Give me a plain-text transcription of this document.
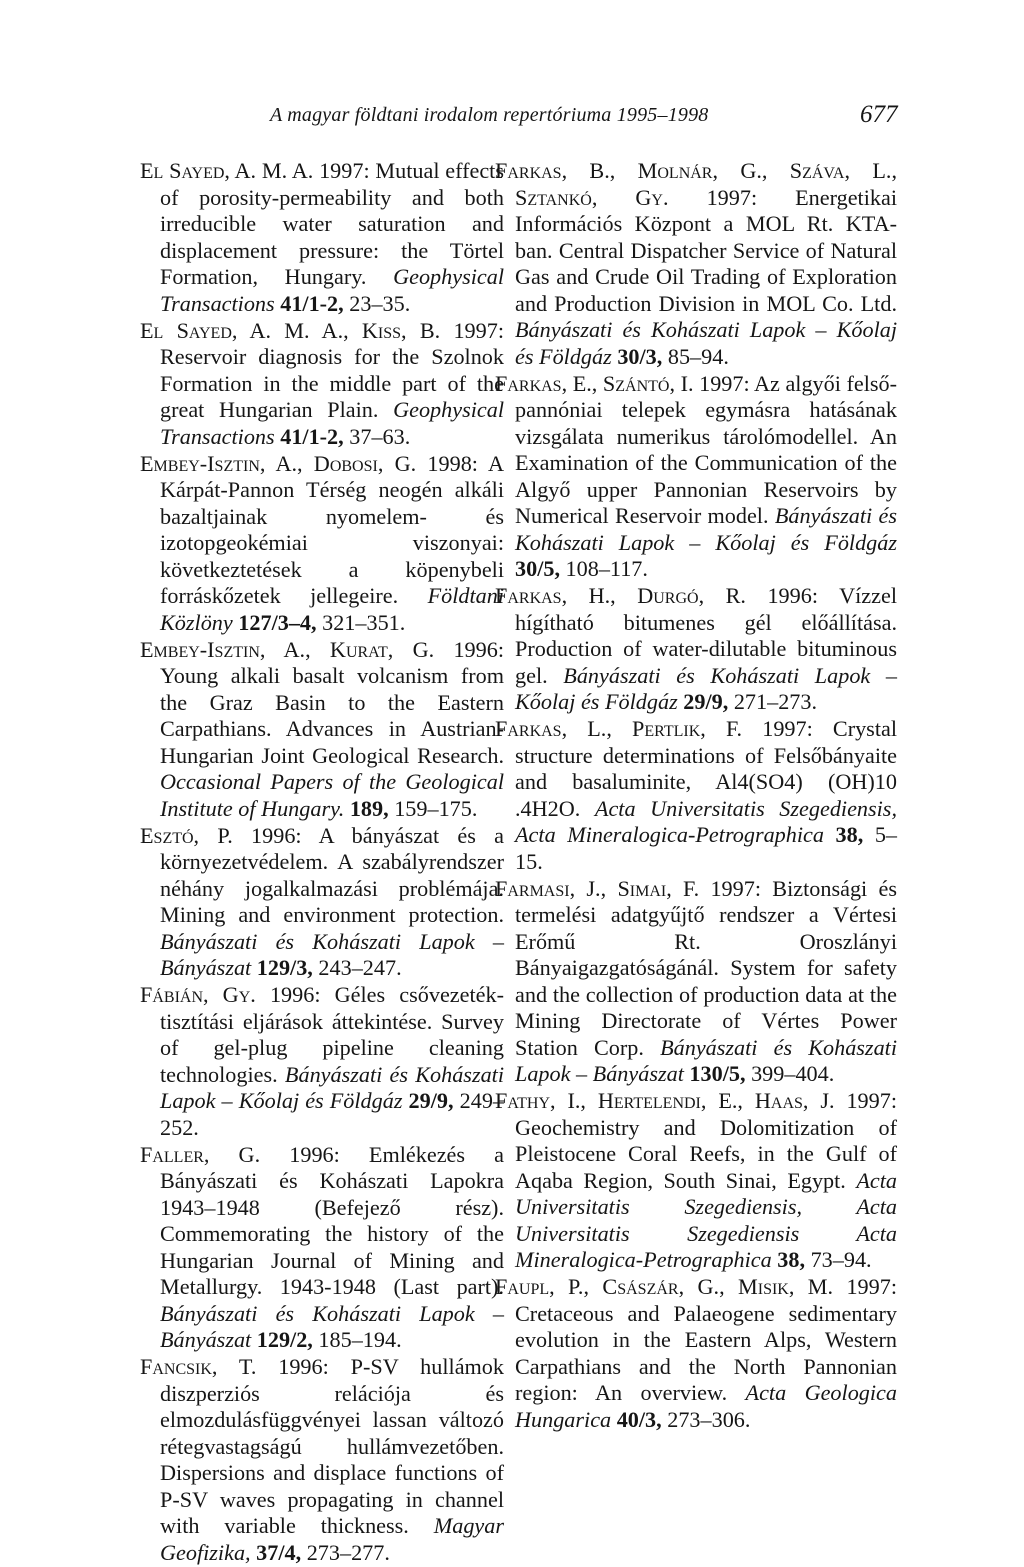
A magyar földtani irodalom repertóriuma 1995–1998	677

El Sayed, A. M. A. 1997: Mutual effects of porosity-permeability and both irreducible water saturation and displacement pressure: the Törtel Formation, Hungary. Geophysical Transactions 41/1-2, 23–35.

El Sayed, A. M. A., Kiss, B. 1997: Reservoir diagnosis for the Szolnok Formation in the middle part of the great Hungarian Plain. Geophysical Transactions 41/1-2, 37–63.

Embey-Isztin, A., Dobosi, G. 1998: A Kárpát-Pannon Térség neogén alkáli bazaltjainak nyomelem- és izotopgeokémiai viszonyai: következtetések a köpenybeli forráskőzetek jellegeire. Földtani Közlöny 127/3–4, 321–351.

Embey-Isztin, A., Kurat, G. 1996: Young alkali basalt volcanism from the Graz Basin to the Eastern Carpathians. Advances in Austrian-Hungarian Joint Geological Research. Occasional Papers of the Geological Institute of Hungary. 189, 159–175.

Esztó, P. 1996: A bányászat és a környezetvédelem. A szabályrendszer néhány jogalkalmazási problémája. Mining and environment protection. Bányászati és Kohászati Lapok – Bányászat 129/3, 243–247.

Fábián, Gy. 1996: Géles csővezeték-tisztítási eljárások áttekintése. Survey of gel-plug pipeline cleaning technologies. Bányászati és Kohászati Lapok – Kőolaj és Földgáz 29/9, 249–252.

Faller, G. 1996: Emlékezés a Bányászati és Kohászati Lapokra 1943–1948 (Befejező rész). Commemorating the history of the Hungarian Journal of Mining and Metallurgy. 1943-1948 (Last part). Bányászati és Kohászati Lapok – Bányászat 129/2, 185–194.

Fancsik, T. 1996: P-SV hullámok diszperziós relációja és elmozdulásfüggvényei lassan változó rétegvastagságú hullámvezetőben. Dispersions and displace functions of P-SV waves propagating in channel with variable thickness. Magyar Geofizika, 37/4, 273–277.

Farkas, B., Molnár, G., Száva, L., Sztankó, Gy. 1997: Energetikai Információs Központ a MOL Rt. KTA-ban. Central Dispatcher Service of Natural Gas and Crude Oil Trading of Exploration and Production Division in MOL Co. Ltd. Bányászati és Kohászati Lapok – Kőolaj és Földgáz 30/3, 85–94.

Farkas, E., Szántó, I. 1997: Az algyői felső-pannóniai telepek egymásra hatásának vizsgálata numerikus tárolómodellel. An Examination of the Communication of the Algyő upper Pannonian Reservoirs by Numerical Reservoir model. Bányászati és Kohászati Lapok – Kőolaj és Földgáz 30/5, 108–117.

Farkas, H., Durgó, R. 1996: Vízzel hígítható bitumenes gél előállítása. Production of water-dilutable bituminous gel. Bányászati és Kohászati Lapok – Kőolaj és Földgáz 29/9, 271–273.

Farkas, L., Pertlik, F. 1997: Crystal structure determinations of Felsőbányaite and basaluminite, Al4(SO4) (OH)10 .4H2O. Acta Universitatis Szegediensis, Acta Mineralogica-Petrographica 38, 5–15.

Farmasi, J., Simai, F. 1997: Biztonsági és termelési adatgyűjtő rendszer a Vértesi Erőmű Rt. Oroszlányi Bányaigazgatóságánál. System for safety and the collection of production data at the Mining Directorate of Vértes Power Station Corp. Bányászati és Kohászati Lapok – Bányászat 130/5, 399–404.

Fathy, I., Hertelendi, E., Haas, J. 1997: Geochemistry and Dolomitization of Pleistocene Coral Reefs, in the Gulf of Aqaba Region, South Sinai, Egypt. Acta Universitatis Szegediensis, Acta Universitatis Szegediensis Acta Mineralogica-Petrographica 38, 73–94.

Faupl, P., Császár, G., Misik, M. 1997: Cretaceous and Palaeogene sedimentary evolution in the Eastern Alps, Western Carpathians and the North Pannonian region: An overview. Acta Geologica Hungarica 40/3, 273–306.
